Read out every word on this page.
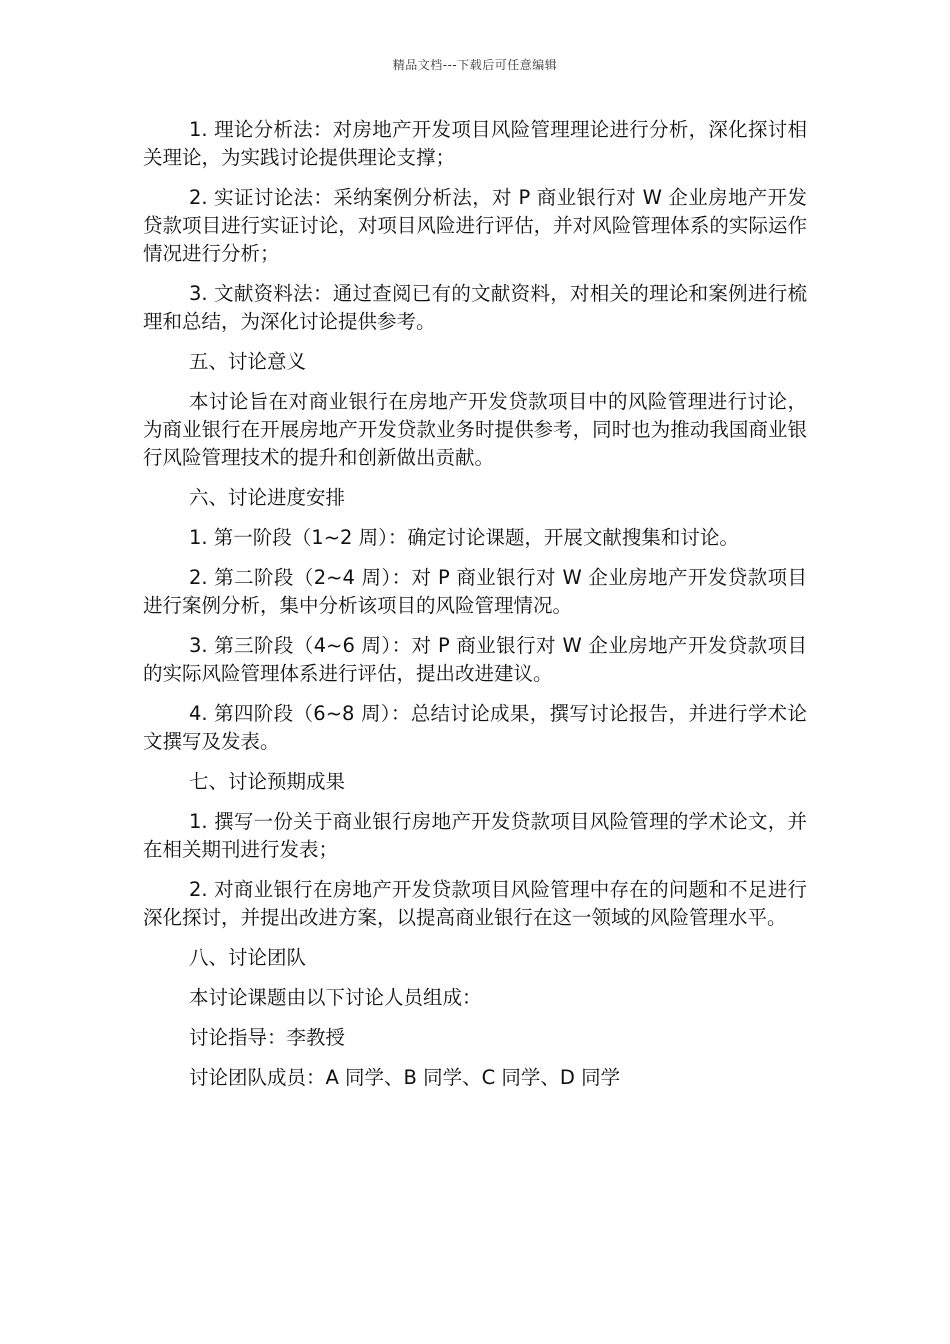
精品文档---下载后可任意编辑

1. 理论分析法：对房地产开发项目风险管理理论进行分析，深化探讨相关理论，为实践讨论提供理论支撑；

2. 实证讨论法：采纳案例分析法，对 P 商业银行对 W 企业房地产开发贷款项目进行实证讨论，对项目风险进行评估，并对风险管理体系的实际运作情况进行分析；

3. 文献资料法：通过查阅已有的文献资料，对相关的理论和案例进行梳理和总结，为深化讨论提供参考。

五、讨论意义

本讨论旨在对商业银行在房地产开发贷款项目中的风险管理进行讨论，为商业银行在开展房地产开发贷款业务时提供参考，同时也为推动我国商业银行风险管理技术的提升和创新做出贡献。

六、讨论进度安排

1. 第一阶段（1~2 周）：确定讨论课题，开展文献搜集和讨论。

2. 第二阶段（2~4 周）：对 P 商业银行对 W 企业房地产开发贷款项目进行案例分析，集中分析该项目的风险管理情况。

3. 第三阶段（4~6 周）：对 P 商业银行对 W 企业房地产开发贷款项目的实际风险管理体系进行评估，提出改进建议。

4. 第四阶段（6~8 周）：总结讨论成果，撰写讨论报告，并进行学术论文撰写及发表。

七、讨论预期成果

1. 撰写一份关于商业银行房地产开发贷款项目风险管理的学术论文，并在相关期刊进行发表；

2. 对商业银行在房地产开发贷款项目风险管理中存在的问题和不足进行深化探讨，并提出改进方案，以提高商业银行在这一领域的风险管理水平。

八、讨论团队

本讨论课题由以下讨论人员组成：

讨论指导：李教授

讨论团队成员：A 同学、B 同学、C 同学、D 同学
